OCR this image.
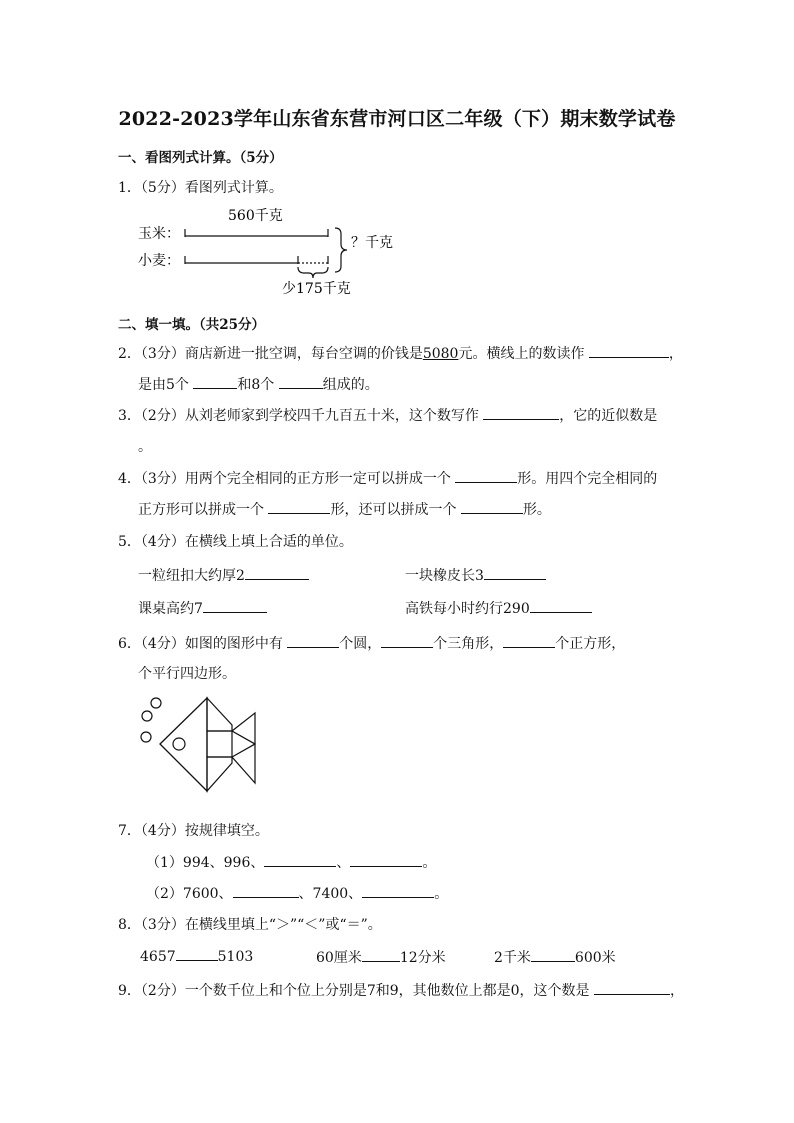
2022-2023学年山东省东营市河口区二年级（下）期末数学试卷
一、看图列式计算。（5分）
1．（5分）看图列式计算。
560千克
玉米：
小麦：
？千克
少175千克
二、填一填。（共25分）
2．（3分）商店新进一批空调，每台空调的价钱是5080元。横线上的数读作	，
是由5个	和8个	组成的。
3．（2分）从刘老师家到学校四千九百五十米，这个数写作	，它的近似数是
。
4．（3分）用两个完全相同的正方形一定可以拼成一个	形。用四个完全相同的
正方形可以拼成一个	形，还可以拼成一个	形。
5．（4分）在横线上填上合适的单位。
一粒纽扣大约厚2	一块橡皮长3
课桌高约7	高铁每小时约行290
6．（4分）如图的图形中有	个圆，	个三角形，	个正方形，
个平行四边形。
7．（4分）按规律填空。
（1）994、996、	、	。
（2）7600、	、7400、	。
8．（3分）在横线里填上“＞”“＜”或“＝”。
4657	5103	60厘米	12分米	2千米	600米
9．（2分）一个数千位上和个位上分别是7和9，其他数位上都是0，这个数是	，
